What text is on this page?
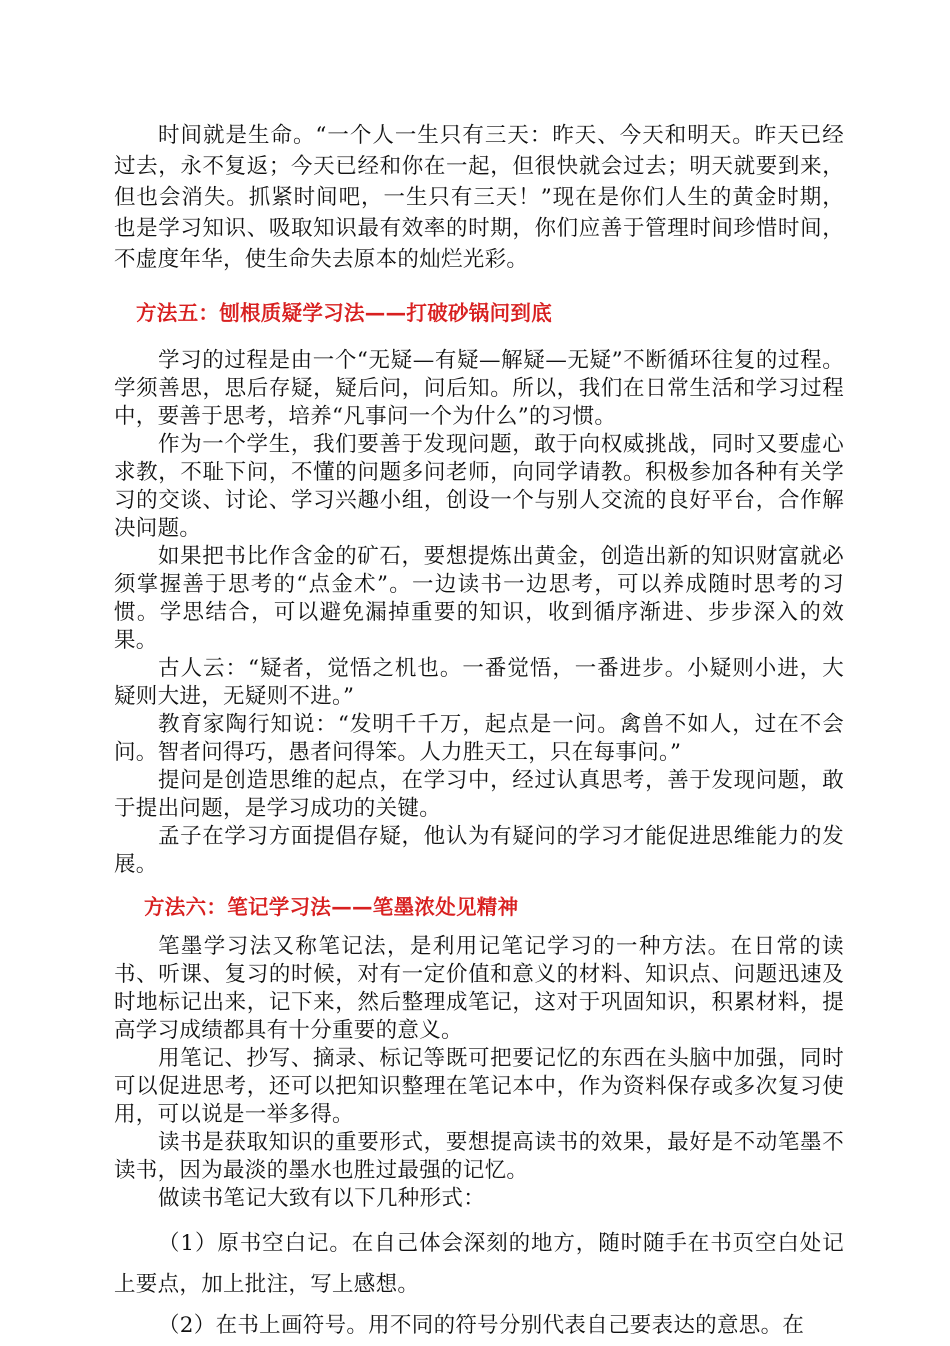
时间就是生命。“一个人一生只有三天：昨天、今天和明天。昨天已经过去，永不复返；今天已经和你在一起，但很快就会过去；明天就要到来，但也会消失。抓紧时间吧，一生只有三天！”现在是你们人生的黄金时期，也是学习知识、吸取知识最有效率的时期，你们应善于管理时间珍惜时间，不虚度年华，使生命失去原本的灿烂光彩。

方法五：刨根质疑学习法——打破砂锅问到底

学习的过程是由一个“无疑—有疑—解疑—无疑”不断循环往复的过程。学须善思，思后存疑，疑后问，问后知。所以，我们在日常生活和学习过程中，要善于思考，培养“凡事问一个为什么”的习惯。

作为一个学生，我们要善于发现问题，敢于向权威挑战，同时又要虚心求教，不耻下问，不懂的问题多问老师，向同学请教。积极参加各种有关学习的交谈、讨论、学习兴趣小组，创设一个与别人交流的良好平台，合作解决问题。

如果把书比作含金的矿石，要想提炼出黄金，创造出新的知识财富就必须掌握善于思考的“点金术”。一边读书一边思考，可以养成随时思考的习惯。学思结合，可以避免漏掉重要的知识，收到循序渐进、步步深入的效果。

古人云：“疑者，觉悟之机也。一番觉悟，一番进步。小疑则小进，大疑则大进，无疑则不进。”

教育家陶行知说：“发明千千万，起点是一问。禽兽不如人，过在不会问。智者问得巧，愚者问得笨。人力胜天工，只在每事问。”

提问是创造思维的起点，在学习中，经过认真思考，善于发现问题，敢于提出问题，是学习成功的关键。

孟子在学习方面提倡存疑，他认为有疑问的学习才能促进思维能力的发展。

方法六：笔记学习法——笔墨浓处见精神

笔墨学习法又称笔记法，是利用记笔记学习的一种方法。在日常的读书、听课、复习的时候，对有一定价值和意义的材料、知识点、问题迅速及时地标记出来，记下来，然后整理成笔记，这对于巩固知识，积累材料，提高学习成绩都具有十分重要的意义。

用笔记、抄写、摘录、标记等既可把要记忆的东西在头脑中加强，同时可以促进思考，还可以把知识整理在笔记本中，作为资料保存或多次复习使用，可以说是一举多得。

读书是获取知识的重要形式，要想提高读书的效果，最好是不动笔墨不读书，因为最淡的墨水也胜过最强的记忆。

做读书笔记大致有以下几种形式：

（1）原书空白记。在自己体会深刻的地方，随时随手在书页空白处记上要点，加上批注，写上感想。

（2）在书上画符号。用不同的符号分别代表自己要表达的意思。在
